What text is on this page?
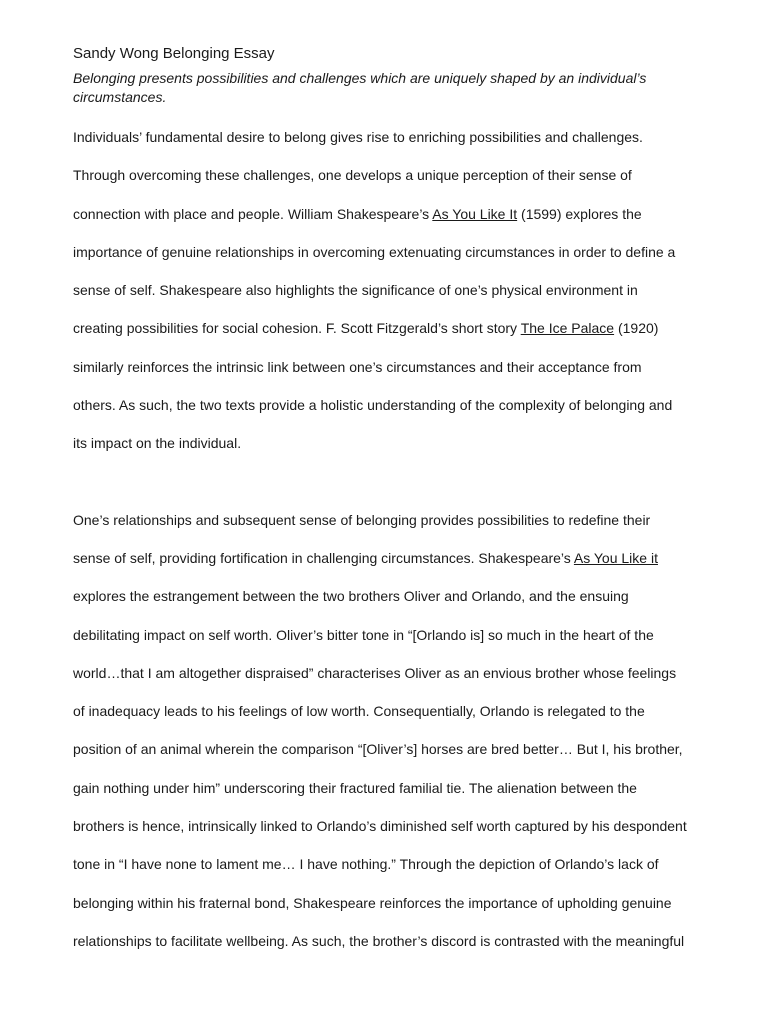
Sandy Wong Belonging Essay

Belonging presents possibilities and challenges which are uniquely shaped by an individual’s circumstances.

Individuals’ fundamental desire to belong gives rise to enriching possibilities and challenges.
Through overcoming these challenges, one develops a unique perception of their sense of
connection with place and people. William Shakespeare’s As You Like It (1599) explores the
importance of genuine relationships in overcoming extenuating circumstances in order to define a
sense of self. Shakespeare also highlights the significance of one’s physical environment in
creating possibilities for social cohesion. F. Scott Fitzgerald’s short story The Ice Palace (1920)
similarly reinforces the intrinsic link between one’s circumstances and their acceptance from
others. As such, the two texts provide a holistic understanding of the complexity of belonging and
its impact on the individual.
One’s relationships and subsequent sense of belonging provides possibilities to redefine their
sense of self, providing fortification in challenging circumstances. Shakespeare’s As You Like it
explores the estrangement between the two brothers Oliver and Orlando, and the ensuing
debilitating impact on self worth. Oliver’s bitter tone in “[Orlando is] so much in the heart of the
world…that I am altogether dispraised” characterises Oliver as an envious brother whose feelings
of inadequacy leads to his feelings of low worth. Consequentially, Orlando is relegated to the
position of an animal wherein the comparison “[Oliver’s] horses are bred better… But I, his brother,
gain nothing under him” underscoring their fractured familial tie. The alienation between the
brothers is hence, intrinsically linked to Orlando’s diminished self worth captured by his despondent
tone in “I have none to lament me… I have nothing.” Through the depiction of Orlando’s lack of
belonging within his fraternal bond, Shakespeare reinforces the importance of upholding genuine
relationships to facilitate wellbeing. As such, the brother’s discord is contrasted with the meaningful
